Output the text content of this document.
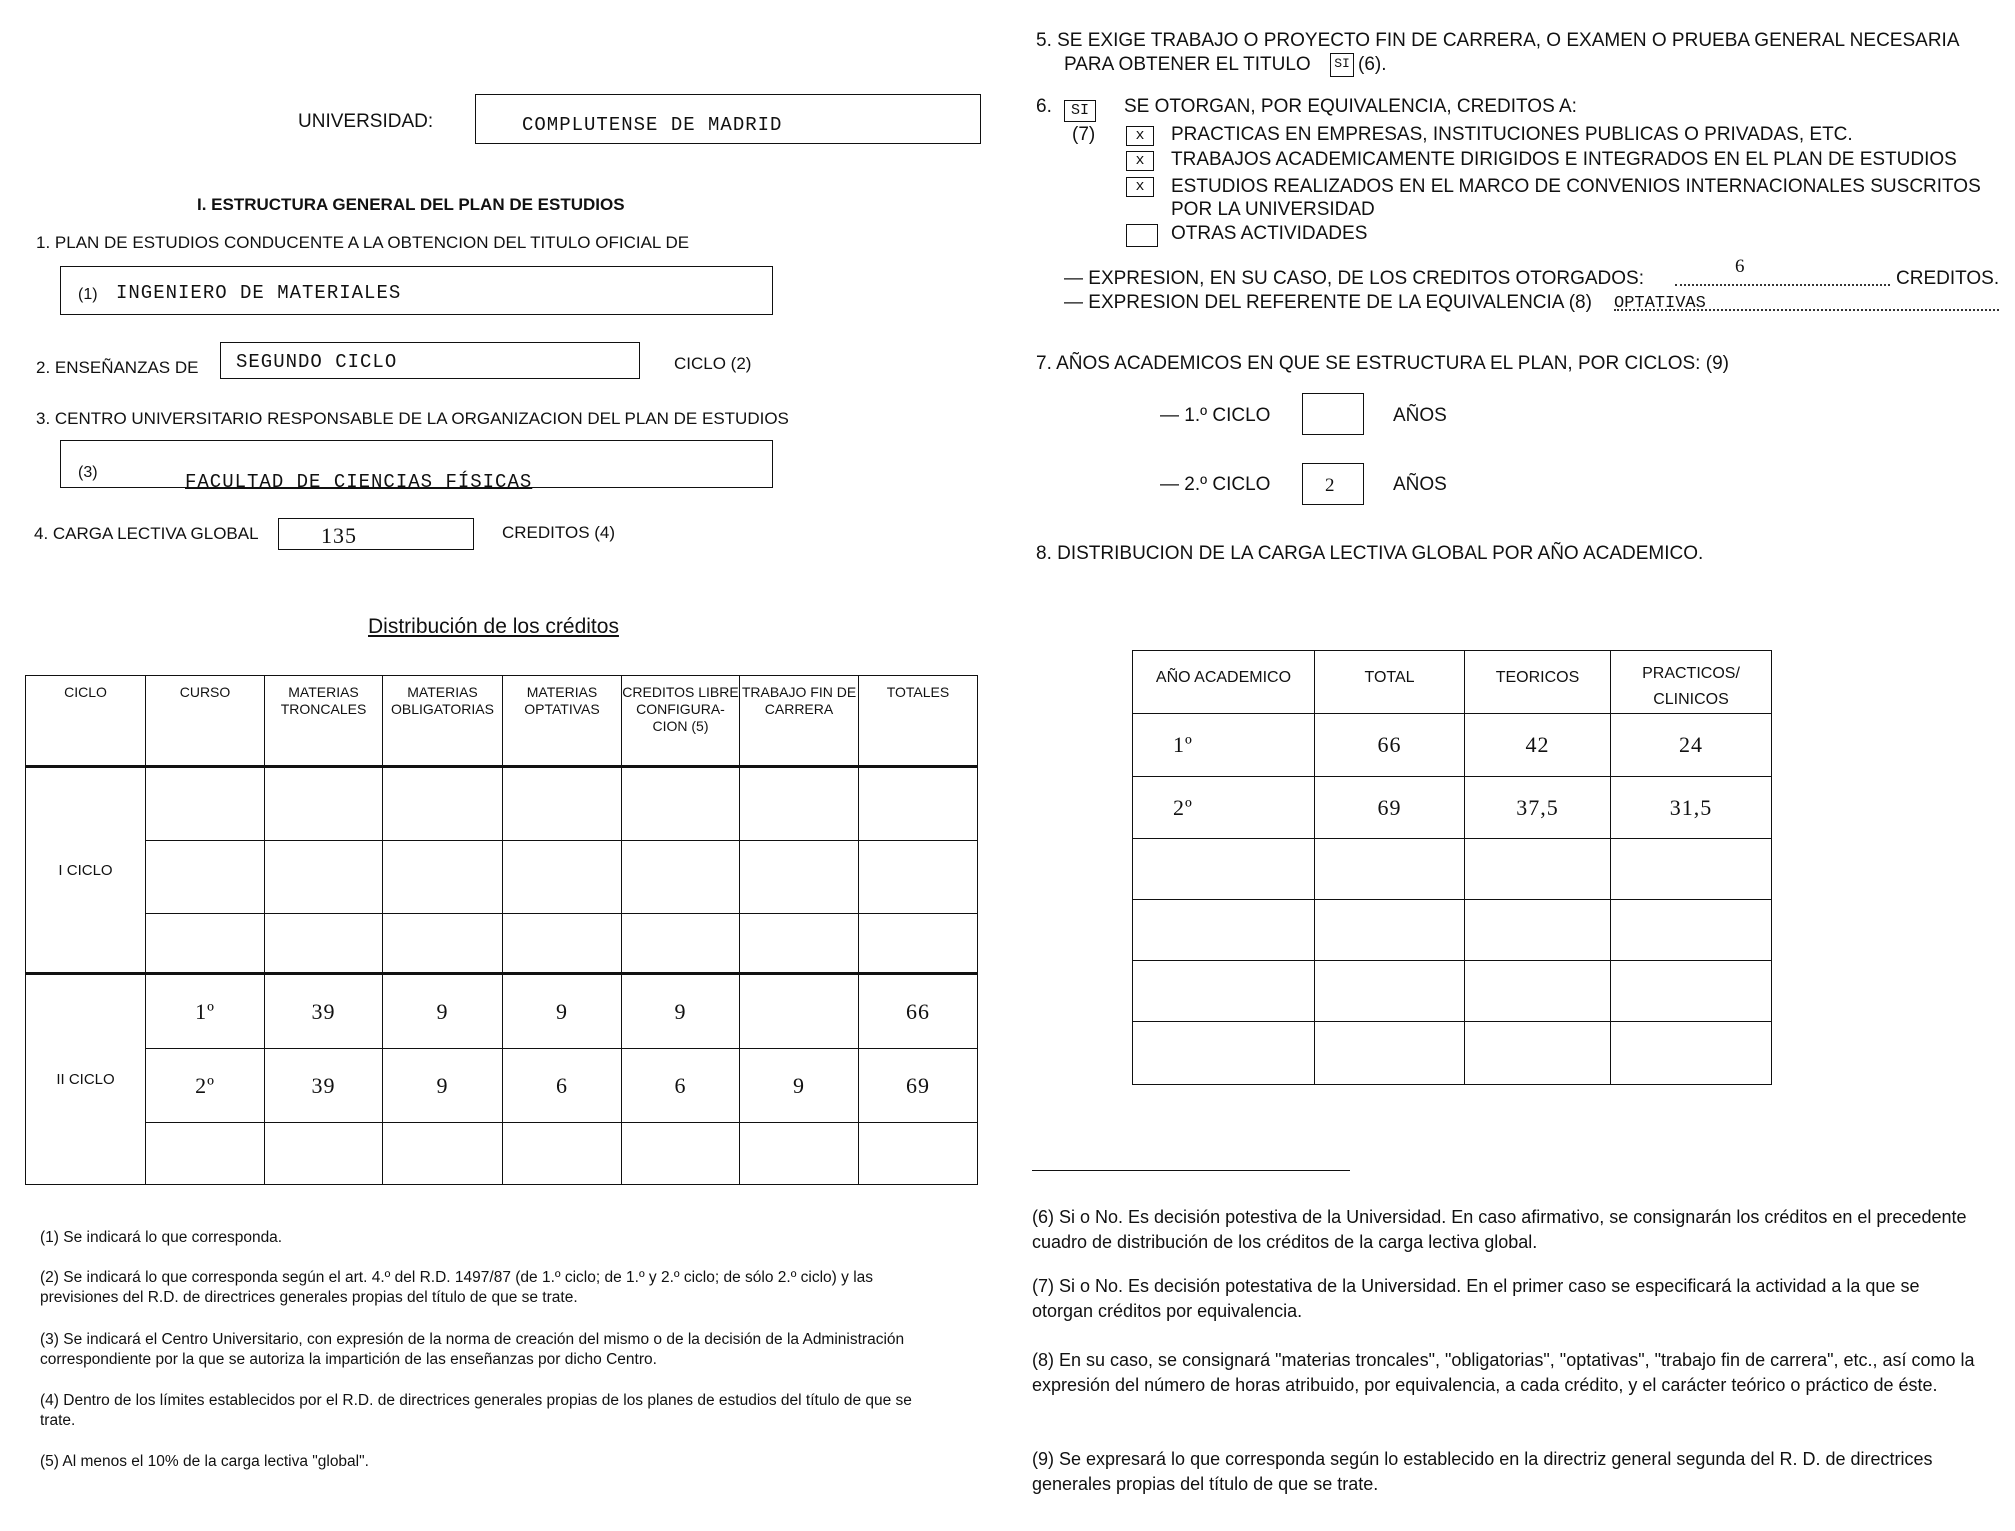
UNIVERSIDAD:	COMPLUTENSE DE MADRID
I. ESTRUCTURA GENERAL DEL PLAN DE ESTUDIOS
1. PLAN DE ESTUDIOS CONDUCENTE A LA OBTENCION DEL TITULO OFICIAL DE
(1) INGENIERO DE MATERIALES
2. ENSEÑANZAS DE SEGUNDO CICLO	CICLO (2)
3. CENTRO UNIVERSITARIO RESPONSABLE DE LA ORGANIZACION DEL PLAN DE ESTUDIOS
(3)	FACULTAD DE CIENCIAS FÍSICAS
4. CARGA LECTIVA GLOBAL	135	CREDITOS (4)
Distribución de los créditos
CICLO	CURSO	MATERIAS TRONCALES	MATERIAS OBLIGATORIAS	MATERIAS OPTATIVAS	CREDITOS LIBRE CONFIGURA-CION (5)	TRABAJO FIN DE CARRERA	TOTALES
I CICLO							

II CICLO	1º	39	9	9	9		66
	2º	39	9	6	6	9	69

(1) Se indicará lo que corresponda.
(2) Se indicará lo que corresponda según el art. 4.º del R.D. 1497/87 (de 1.º ciclo; de 1.º y 2.º ciclo; de sólo 2.º ciclo) y las previsiones del R.D. de directrices generales propias del título de que se trate.
(3) Se indicará el Centro Universitario, con expresión de la norma de creación del mismo o de la decisión de la Administración correspondiente por la que se autoriza la impartición de las enseñanzas por dicho Centro.
(4) Dentro de los límites establecidos por el R.D. de directrices generales propias de los planes de estudios del título de que se trate.
(5) Al menos el 10% de la carga lectiva "global".
5. SE EXIGE TRABAJO O PROYECTO FIN DE CARRERA, O EXAMEN O PRUEBA GENERAL NECESARIA
PARA OBTENER EL TITULO	SI (6).
6.	SI
(7)
SE OTORGAN, POR EQUIVALENCIA, CREDITOS A:
x	PRACTICAS EN EMPRESAS, INSTITUCIONES PUBLICAS O PRIVADAS, ETC.
x	TRABAJOS ACADEMICAMENTE DIRIGIDOS E INTEGRADOS EN EL PLAN DE ESTUDIOS
x	ESTUDIOS REALIZADOS EN EL MARCO DE CONVENIOS INTERNACIONALES SUSCRITOS
POR LA UNIVERSIDAD
OTRAS ACTIVIDADES
— EXPRESION, EN SU CASO, DE LOS CREDITOS OTORGADOS:
6
CREDITOS.
— EXPRESION DEL REFERENTE DE LA EQUIVALENCIA (8) OPTATIVAS
7. AÑOS ACADEMICOS EN QUE SE ESTRUCTURA EL PLAN, POR CICLOS: (9)
— 1.º CICLO	AÑOS
— 2.º CICLO	2	AÑOS
8. DISTRIBUCION DE LA CARGA LECTIVA GLOBAL POR AÑO ACADEMICO.
AÑO ACADEMICO	TOTAL	TEORICOS	PRACTICOS/ CLINICOS
1º	66	42	24
2º	69	37,5	31,5

(6) Si o No. Es decisión potestiva de la Universidad. En caso afirmativo, se consignarán los créditos en el precedente cuadro de distribución de los créditos de la carga lectiva global.
(7) Si o No. Es decisión potestativa de la Universidad. En el primer caso se especificará la actividad a la que se otorgan créditos por equivalencia.
(8) En su caso, se consignará "materias troncales", "obligatorias", "optativas", "trabajo fin de carrera", etc., así como la expresión del número de horas atribuido, por equivalencia, a cada crédito, y el carácter teórico o práctico de éste.
(9) Se expresará lo que corresponda según lo establecido en la directriz general segunda del R. D. de directrices generales propias del título de que se trate.
